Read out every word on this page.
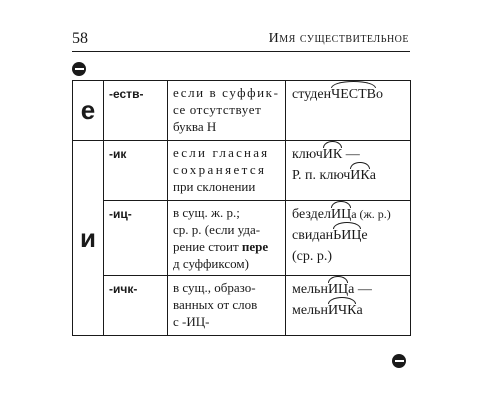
58	Имя существительное
е	-еств-	если в суффик-
се отсутствует
буква Н	студенЧЕСТВо

и	-ик	если гласная
сохраняется
при склонении	ключИК —
Р. п. ключИКа

	-иц-	в сущ. ж. р.;
ср. р. (если уда-
рение стоит пере
д суффиксом)	безделИЦа (ж. р.)
свиданЬИЦе
(ср. р.)

	-ичк-	в сущ., образо-
ванных от слов
с -ИЦ-	мельнИЦа —
мельнИЧКа
